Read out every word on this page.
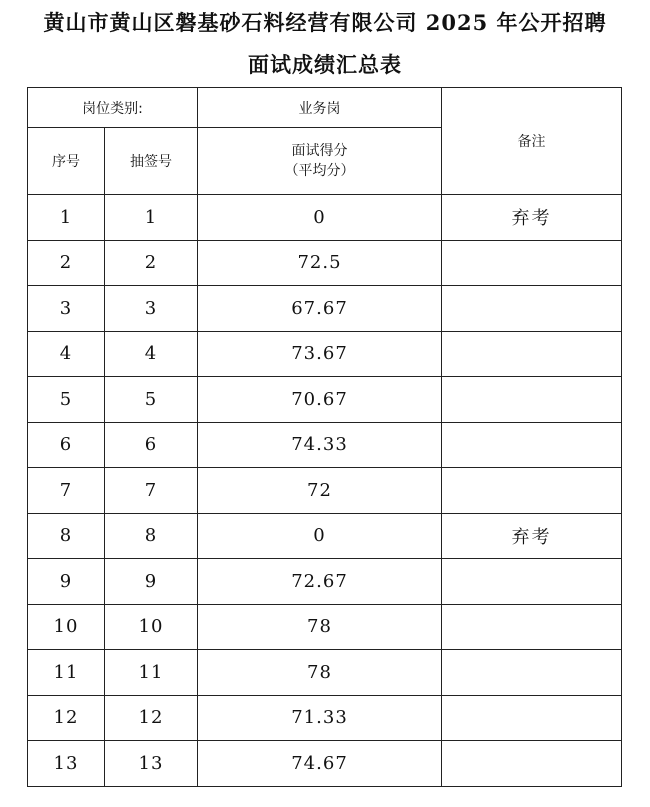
黄山市黄山区磐基砂石料经营有限公司 2025 年公开招聘
面试成绩汇总表
岗位类别:		业务岗	备注
序号	抽签号	面试得分
（平均分）	

1	1	0	弃考
2	2	72.5	
3	3	67.67	
4	4	73.67	
5	5	70.67	
6	6	74.33	
7	7	72	
8	8	0	弃考
9	9	72.67	
10	10	78	
11	11	78	
12	12	71.33	
13	13	74.67	
